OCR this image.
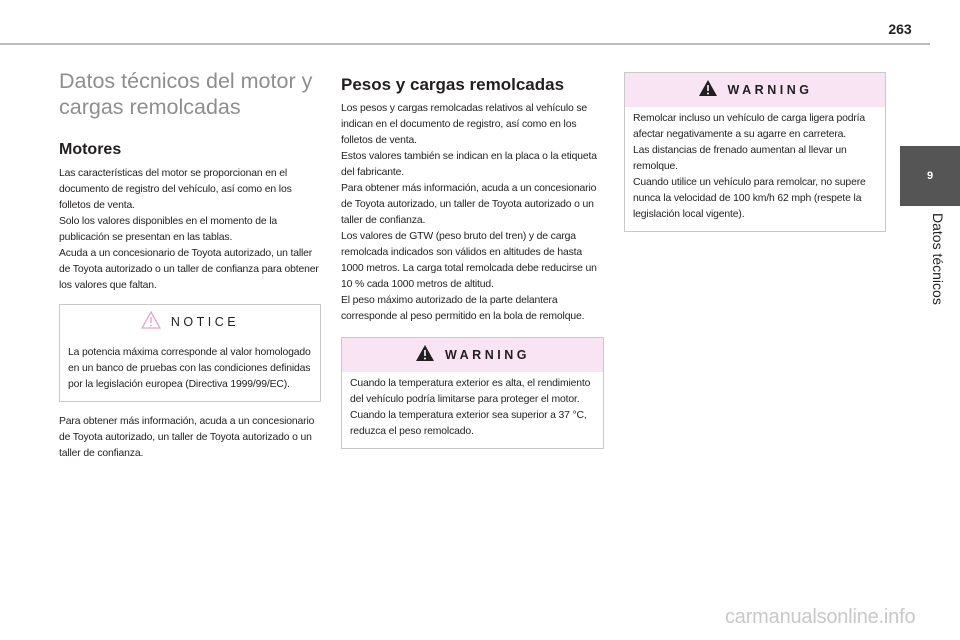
263
Datos técnicos del motor y cargas remolcadas
Motores

Las características del motor se proporcionan en el documento de registro del vehículo, así como en los folletos de venta.
Solo los valores disponibles en el momento de la publicación se presentan en las tablas.
Acuda a un concesionario de Toyota autorizado, un taller de Toyota autorizado o un taller de confianza para obtener los valores que faltan.

NOTICE
La potencia máxima corresponde al valor homologado en un banco de pruebas con las condiciones definidas por la legislación europea (Directiva 1999/99/EC).

Para obtener más información, acuda a un concesionario de Toyota autorizado, un taller de Toyota autorizado o un taller de confianza.

Pesos y cargas remolcadas

Los pesos y cargas remolcadas relativos al vehículo se indican en el documento de registro, así como en los folletos de venta.
Estos valores también se indican en la placa o la etiqueta del fabricante.
Para obtener más información, acuda a un concesionario de Toyota autorizado, un taller de Toyota autorizado o un taller de confianza.
Los valores de GTW (peso bruto del tren) y de carga remolcada indicados son válidos en altitudes de hasta 1000 metros. La carga total remolcada debe reducirse un 10 % cada 1000 metros de altitud.
El peso máximo autorizado de la parte delantera corresponde al peso permitido en la bola de remolque.

WARNING
Cuando la temperatura exterior es alta, el rendimiento del vehículo podría limitarse para proteger el motor. Cuando la temperatura exterior sea superior a 37 °C, reduzca el peso remolcado.
WARNING
Remolcar incluso un vehículo de carga ligera podría afectar negativamente a su agarre en carretera.
Las distancias de frenado aumentan al llevar un remolque.
Cuando utilice un vehículo para remolcar, no supere nunca la velocidad de 100 km/h 62 mph (respete la legislación local vigente).
9
Datos técnicos
carmanualsonline.info
